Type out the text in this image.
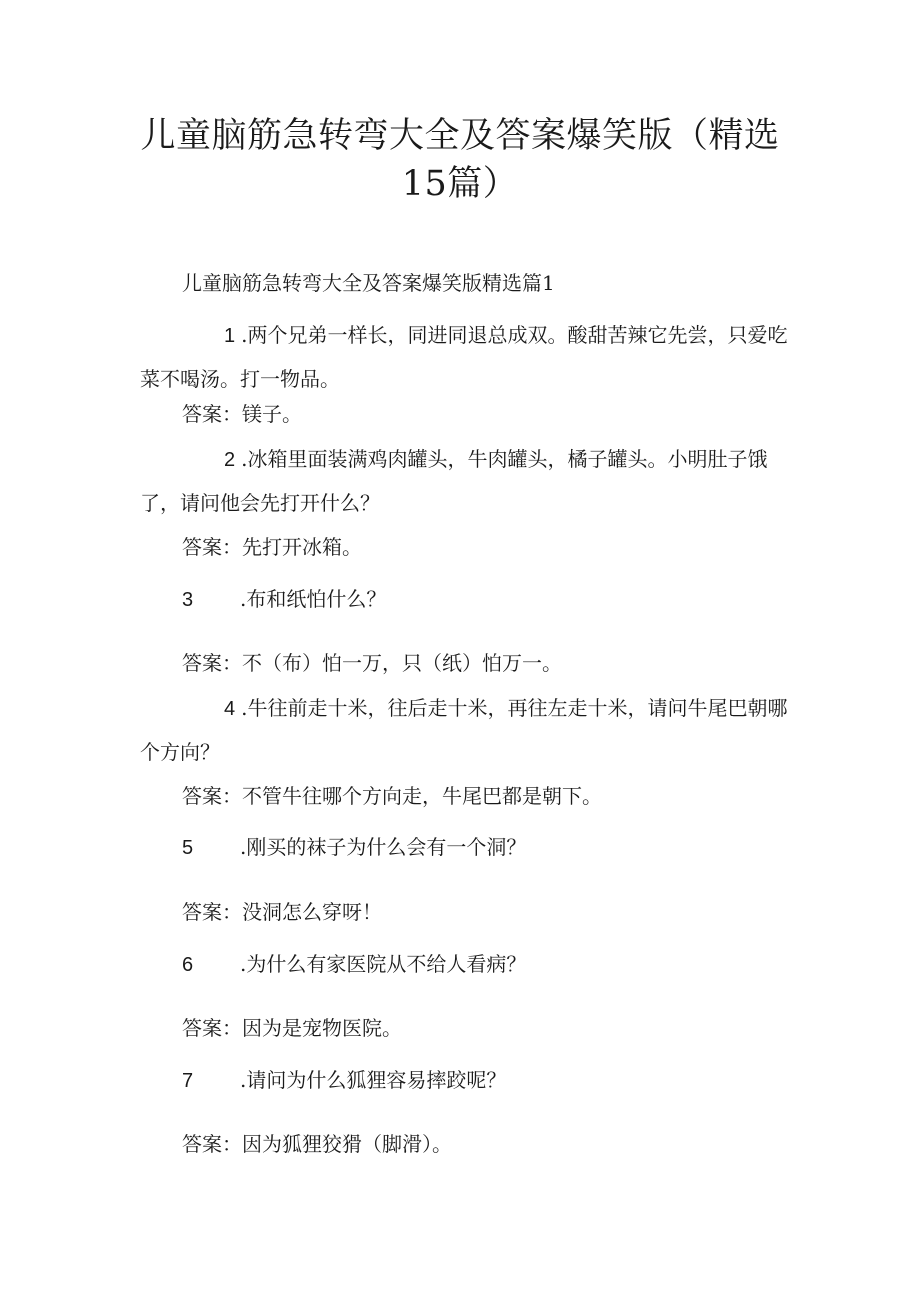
儿童脑筋急转弯大全及答案爆笑版（精选15篇）

儿童脑筋急转弯大全及答案爆笑版精选篇1

1 .两个兄弟一样长，同进同退总成双。酸甜苦辣它先尝，只爱吃菜不喝汤。打一物品。

答案：镁子。

2 .冰箱里面装满鸡肉罐头，牛肉罐头，橘子罐头。小明肚子饿了，请问他会先打开什么？

答案：先打开冰箱。

3 .布和纸怕什么？

答案：不（布）怕一万，只（纸）怕万一。

4 .牛往前走十米，往后走十米，再往左走十米，请问牛尾巴朝哪个方向？

答案：不管牛往哪个方向走，牛尾巴都是朝下。

5 .刚买的袜子为什么会有一个洞？

答案：没洞怎么穿呀！

6 .为什么有家医院从不给人看病？

答案：因为是宠物医院。

7 .请问为什么狐狸容易摔跤呢？

答案：因为狐狸狡猾（脚滑）。
